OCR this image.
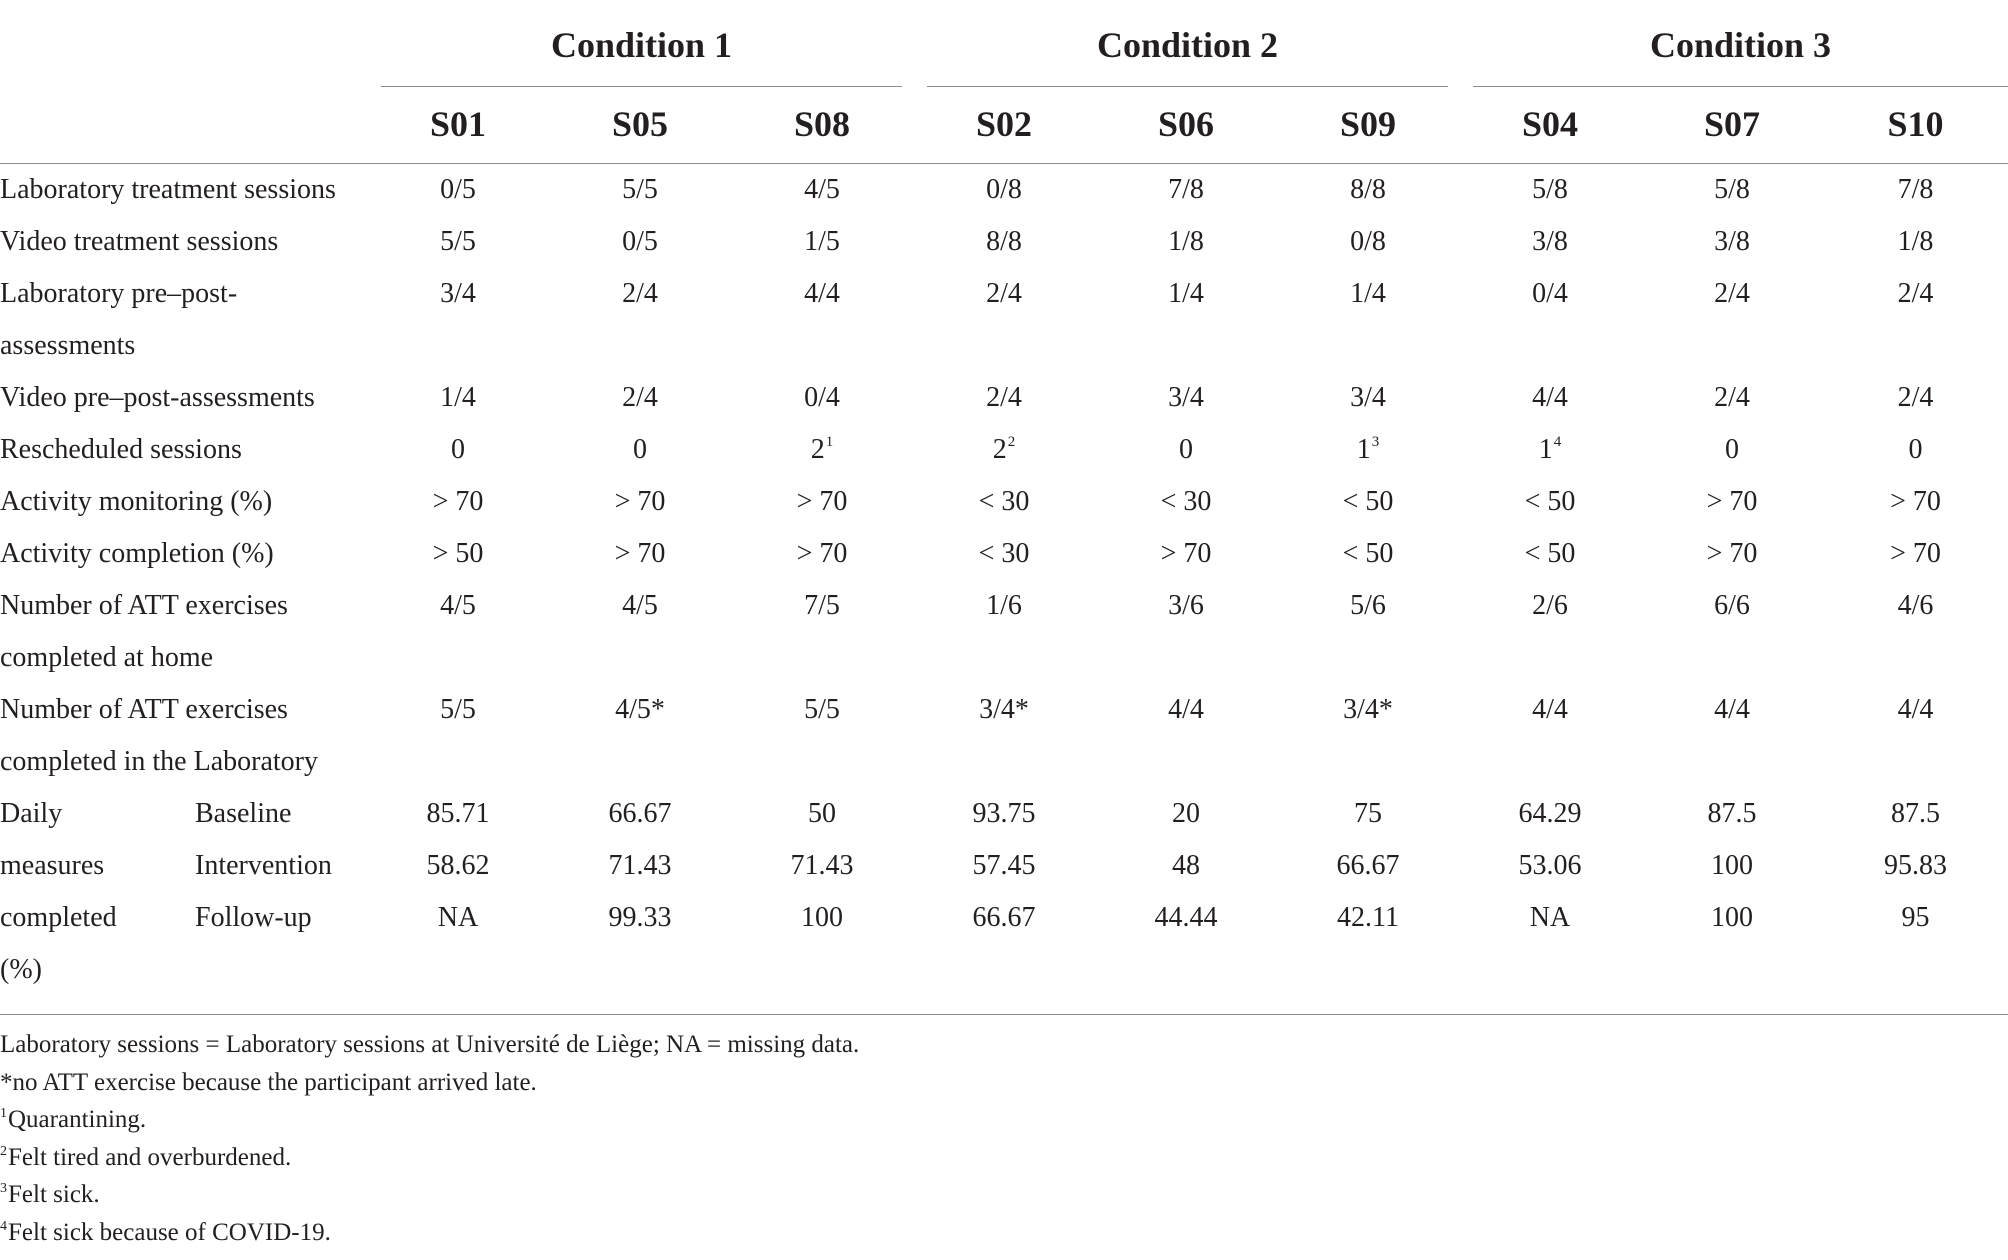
		Condition 1			Condition 2			Condition 3		

		S01	S05	S08	S02	S06	S09	S04	S07	S10
Laboratory treatment sessions		0/5	5/5	4/5	0/8	7/8	8/8	5/8	5/8	7/8
Video treatment sessions		5/5	0/5	1/5	8/8	1/8	0/8	3/8	3/8	1/8
Laboratory pre–post-assessments		3/4	2/4	4/4	2/4	1/4	1/4	0/4	2/4	2/4
Video pre–post-assessments		1/4	2/4	0/4	2/4	3/4	3/4	4/4	2/4	2/4
Rescheduled sessions		0	0	$2^1$	$2^2$	0	$1^3$	$1^4$	0	0
Activity monitoring (%)		> 70	> 70	> 70	< 30	< 30	< 50	< 50	> 70	> 70
Activity completion (%)		> 50	> 70	> 70	< 30	> 70	< 50	< 50	> 70	> 70
Number of ATT exercises completed at home		4/5	4/5	7/5	1/6	3/6	5/6	2/6	6/6	4/6
Number of ATT exercises completed in the Laboratory		5/5	4/5*	5/5	3/4*	4/4	3/4*	4/4	4/4	4/4
Daily measures completed (%)	Baseline	85.71	66.67	50	93.75	20	75	64.29	87.5	87.5
	Intervention	58.62	71.43	71.43	57.45	48	66.67	53.06	100	95.83
	Follow-up	NA	99.33	100	66.67	44.44	42.11	NA	100	95

Laboratory sessions = Laboratory sessions at Université de Liège; NA = missing data.
*no ATT exercise because the participant arrived late.
$^1$Quarantining.
$^2$Felt tired and overburdened.
$^3$Felt sick.
$^4$Felt sick because of COVID-19.
